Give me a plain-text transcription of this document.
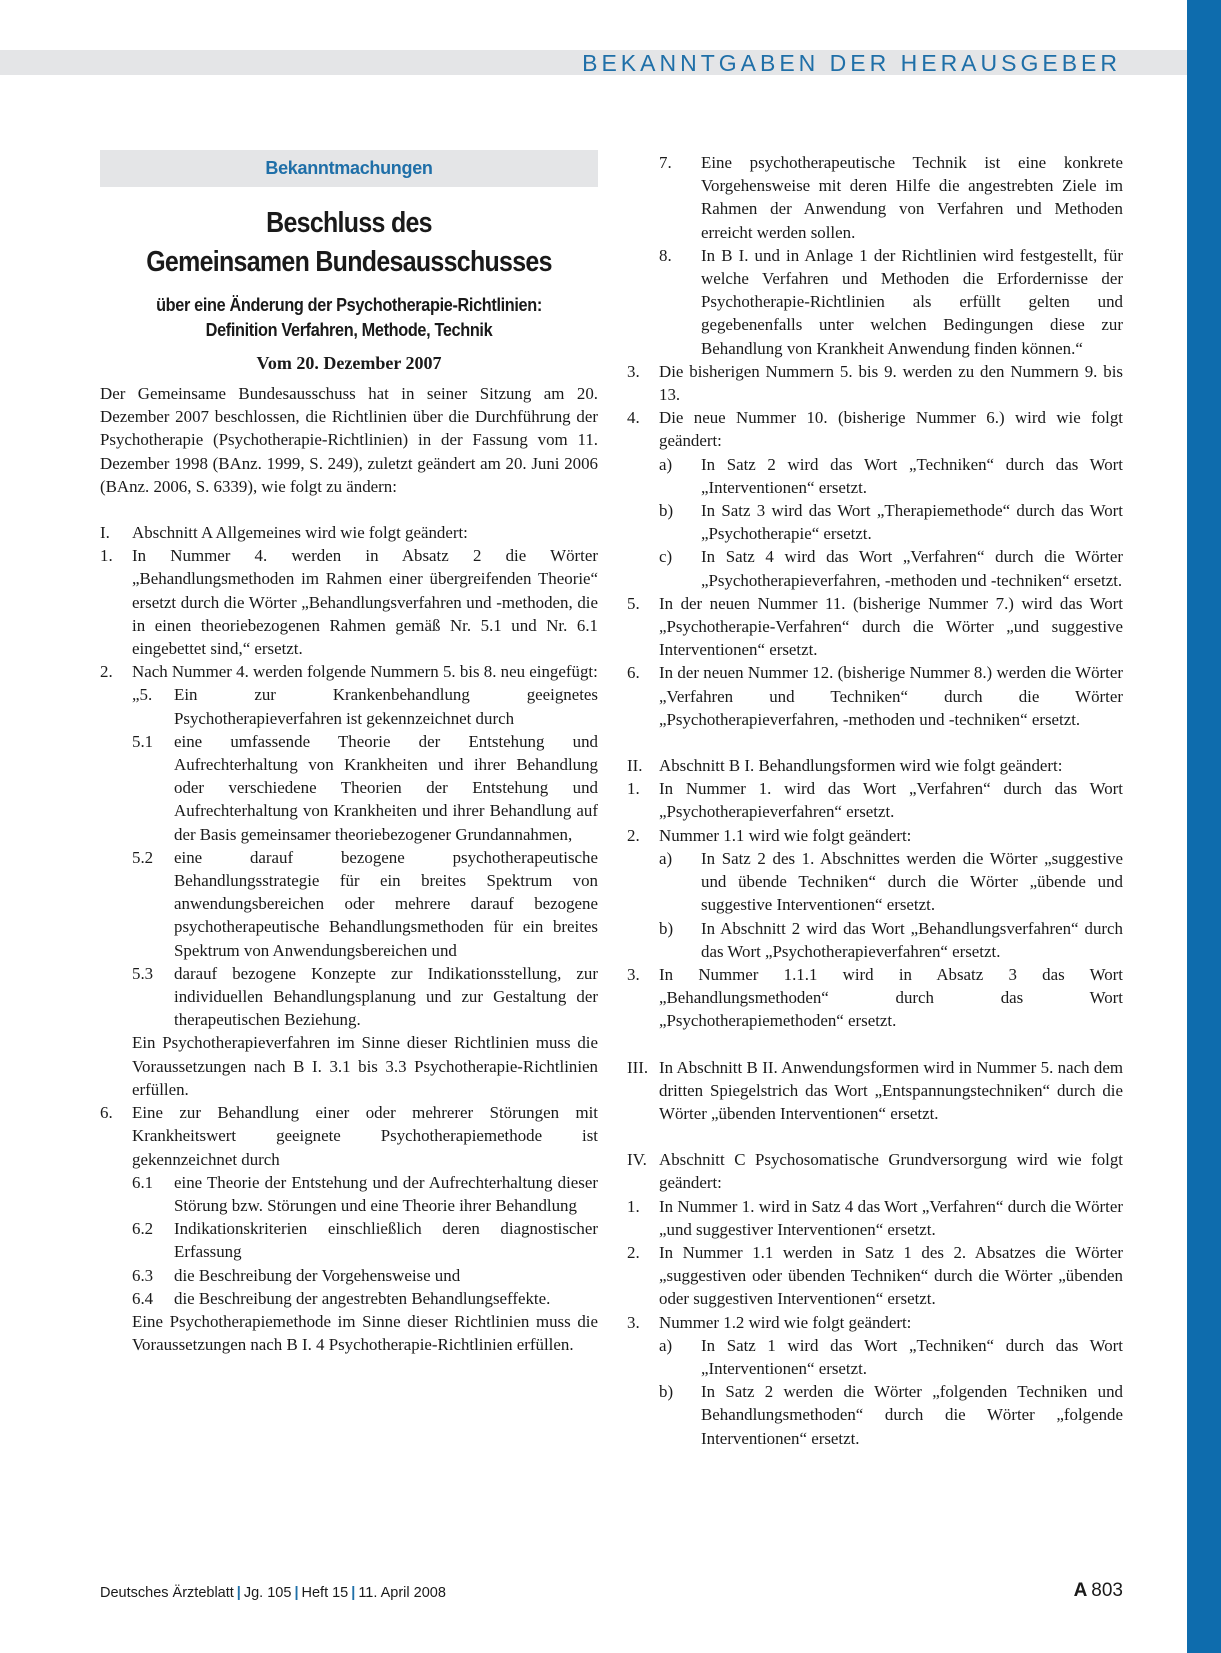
BEKANNTGABEN DER HERAUSGEBER
Bekanntmachungen
Beschluss des
Gemeinsamen Bundesausschusses
über eine Änderung der Psychotherapie-Richtlinien:
Definition Verfahren, Methode, Technik
Vom 20. Dezember 2007
Der Gemeinsame Bundesausschuss hat in seiner Sitzung am 20. Dezember 2007 beschlossen, die Richtlinien über die Durchführung der Psychotherapie (Psychotherapie-Richtlinien) in der Fassung vom 11. Dezember 1998 (BAnz. 1999, S. 249), zuletzt geändert am 20. Juni 2006 (BAnz. 2006, S. 6339), wie folgt zu ändern:
I.	Abschnitt A Allgemeines wird wie folgt geändert:
1.	In Nummer 4. werden in Absatz 2 die Wörter „Behandlungsmethoden im Rahmen einer übergreifenden Theorie“ ersetzt durch die Wörter „Behandlungsverfahren und -methoden, die in einen theoriebezogenen Rahmen gemäß Nr. 5.1 und Nr. 6.1 eingebettet sind,“ ersetzt.
2.	Nach Nummer 4. werden folgende Nummern 5. bis 8. neu eingefügt:
„5.	Ein zur Krankenbehandlung geeignetes Psychotherapieverfahren ist gekennzeichnet durch
5.1	eine umfassende Theorie der Entstehung und Aufrechterhaltung von Krankheiten und ihrer Behandlung oder verschiedene Theorien der Entstehung und Aufrechterhaltung von Krankheiten und ihrer Behandlung auf der Basis gemeinsamer theoriebezogener Grundannahmen,
5.2	eine darauf bezogene psychotherapeutische Behandlungsstrategie für ein breites Spektrum von anwendungsbereichen oder mehrere darauf bezogene psychotherapeutische Behandlungsmethoden für ein breites Spektrum von Anwendungsbereichen und
5.3	darauf bezogene Konzepte zur Indikationsstellung, zur individuellen Behandlungsplanung und zur Gestaltung der therapeutischen Beziehung.
Ein Psychotherapieverfahren im Sinne dieser Richtlinien muss die Voraussetzungen nach B I. 3.1 bis 3.3 Psychotherapie-Richtlinien erfüllen.
6.	Eine zur Behandlung einer oder mehrerer Störungen mit Krankheitswert geeignete Psychotherapiemethode ist gekennzeichnet durch
6.1	eine Theorie der Entstehung und der Aufrechterhaltung dieser Störung bzw. Störungen und eine Theorie ihrer Behandlung
6.2	Indikationskriterien einschließlich deren diagnostischer Erfassung
6.3	die Beschreibung der Vorgehensweise und
6.4	die Beschreibung der angestrebten Behandlungseffekte.
Eine Psychotherapiemethode im Sinne dieser Richtlinien muss die Voraussetzungen nach B I. 4 Psychotherapie-Richtlinien erfüllen.
7.	Eine psychotherapeutische Technik ist eine konkrete Vorgehensweise mit deren Hilfe die angestrebten Ziele im Rahmen der Anwendung von Verfahren und Methoden erreicht werden sollen.
8.	In B I. und in Anlage 1 der Richtlinien wird festgestellt, für welche Verfahren und Methoden die Erfordernisse der Psychotherapie-Richtlinien als erfüllt gelten und gegebenenfalls unter welchen Bedingungen diese zur Behandlung von Krankheit Anwendung finden können.“
3.	Die bisherigen Nummern 5. bis 9. werden zu den Nummern 9. bis 13.
4.	Die neue Nummer 10. (bisherige Nummer 6.) wird wie folgt geändert:
a)	In Satz 2 wird das Wort „Techniken“ durch das Wort „Interventionen“ ersetzt.
b)	In Satz 3 wird das Wort „Therapiemethode“ durch das Wort „Psychotherapie“ ersetzt.
c)	In Satz 4 wird das Wort „Verfahren“ durch die Wörter „Psychotherapieverfahren, -methoden und -techniken“ ersetzt.
5.	In der neuen Nummer 11. (bisherige Nummer 7.) wird das Wort „Psychotherapie-Verfahren“ durch die Wörter „und suggestive Interventionen“ ersetzt.
6.	In der neuen Nummer 12. (bisherige Nummer 8.) werden die Wörter „Verfahren und Techniken“ durch die Wörter „Psychotherapieverfahren, -methoden und -techniken“ ersetzt.
II. Abschnitt B I. Behandlungsformen wird wie folgt geändert:
1.	In Nummer 1. wird das Wort „Verfahren“ durch das Wort „Psychotherapieverfahren“ ersetzt.
2.	Nummer 1.1 wird wie folgt geändert:
a)	In Satz 2 des 1. Abschnittes werden die Wörter „suggestive und übende Techniken“ durch die Wörter „übende und suggestive Interventionen“ ersetzt.
b)	In Abschnitt 2 wird das Wort „Behandlungsverfahren“ durch das Wort „Psychotherapieverfahren“ ersetzt.
3.	In Nummer 1.1.1 wird in Absatz 3 das Wort „Behandlungsmethoden“ durch das Wort „Psychotherapiemethoden“ ersetzt.
III. In Abschnitt B II. Anwendungsformen wird in Nummer 5. nach dem dritten Spiegelstrich das Wort „Entspannungstechniken“ durch die Wörter „übenden Interventionen“ ersetzt.
IV. Abschnitt C Psychosomatische Grundversorgung wird wie folgt geändert:
1.	In Nummer 1. wird in Satz 4 das Wort „Verfahren“ durch die Wörter „und suggestiver Interventionen“ ersetzt.
2.	In Nummer 1.1 werden in Satz 1 des 2. Absatzes die Wörter „suggestiven oder übenden Techniken“ durch die Wörter „übenden oder suggestiven Interventionen“ ersetzt.
3.	Nummer 1.2 wird wie folgt geändert:
a)	In Satz 1 wird das Wort „Techniken“ durch das Wort „Interventionen“ ersetzt.
b)	In Satz 2 werden die Wörter „folgenden Techniken und Behandlungsmethoden“ durch die Wörter „folgende Interventionen“ ersetzt.
Deutsches Ärzteblatt | Jg. 105 | Heft 15 | 11. April 2008	A 803
